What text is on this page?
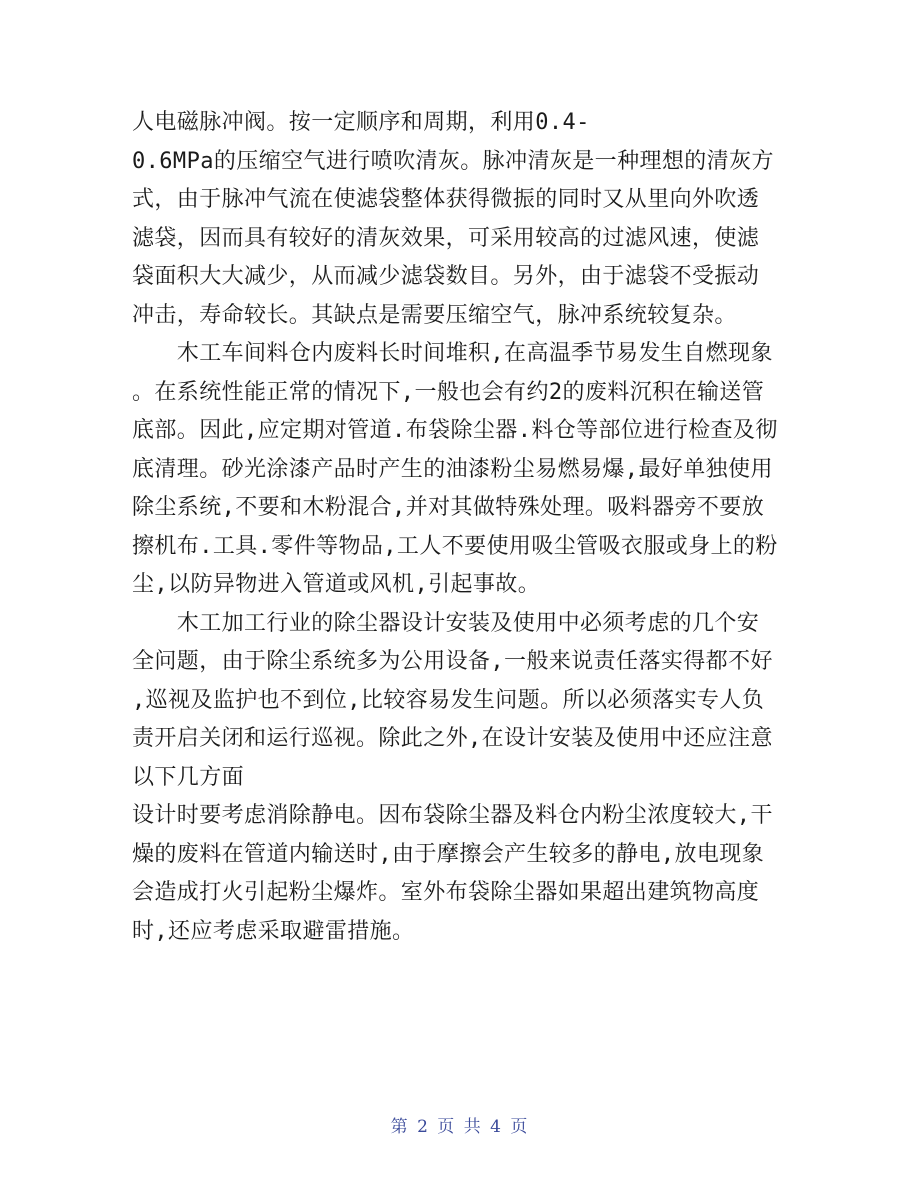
人电磁脉冲阀。按一定顺序和周期，利用0.4-
0.6MPa的压缩空气进行喷吹清灰。脉冲清灰是一种理想的清灰方
式，由于脉冲气流在使滤袋整体获得微振的同时又从里向外吹透
滤袋，因而具有较好的清灰效果，可采用较高的过滤风速，使滤
袋面积大大减少，从而减少滤袋数目。另外，由于滤袋不受振动
冲击，寿命较长。其缺点是需要压缩空气，脉冲系统较复杂。
　　木工车间料仓内废料长时间堆积,在高温季节易发生自燃现象
。在系统性能正常的情况下,一般也会有约2的废料沉积在输送管
底部。因此,应定期对管道.布袋除尘器.料仓等部位进行检查及彻
底清理。砂光涂漆产品时产生的油漆粉尘易燃易爆,最好单独使用
除尘系统,不要和木粉混合,并对其做特殊处理。吸料器旁不要放
擦机布.工具.零件等物品,工人不要使用吸尘管吸衣服或身上的粉
尘,以防异物进入管道或风机,引起事故。
　　木工加工行业的除尘器设计安装及使用中必须考虑的几个安
全问题，由于除尘系统多为公用设备,一般来说责任落实得都不好
,巡视及监护也不到位,比较容易发生问题。所以必须落实专人负
责开启关闭和运行巡视。除此之外,在设计安装及使用中还应注意
以下几方面
设计时要考虑消除静电。因布袋除尘器及料仓内粉尘浓度较大,干
燥的废料在管道内输送时,由于摩擦会产生较多的静电,放电现象
会造成打火引起粉尘爆炸。室外布袋除尘器如果超出建筑物高度
时,还应考虑采取避雷措施。
第 2 页 共 4 页
